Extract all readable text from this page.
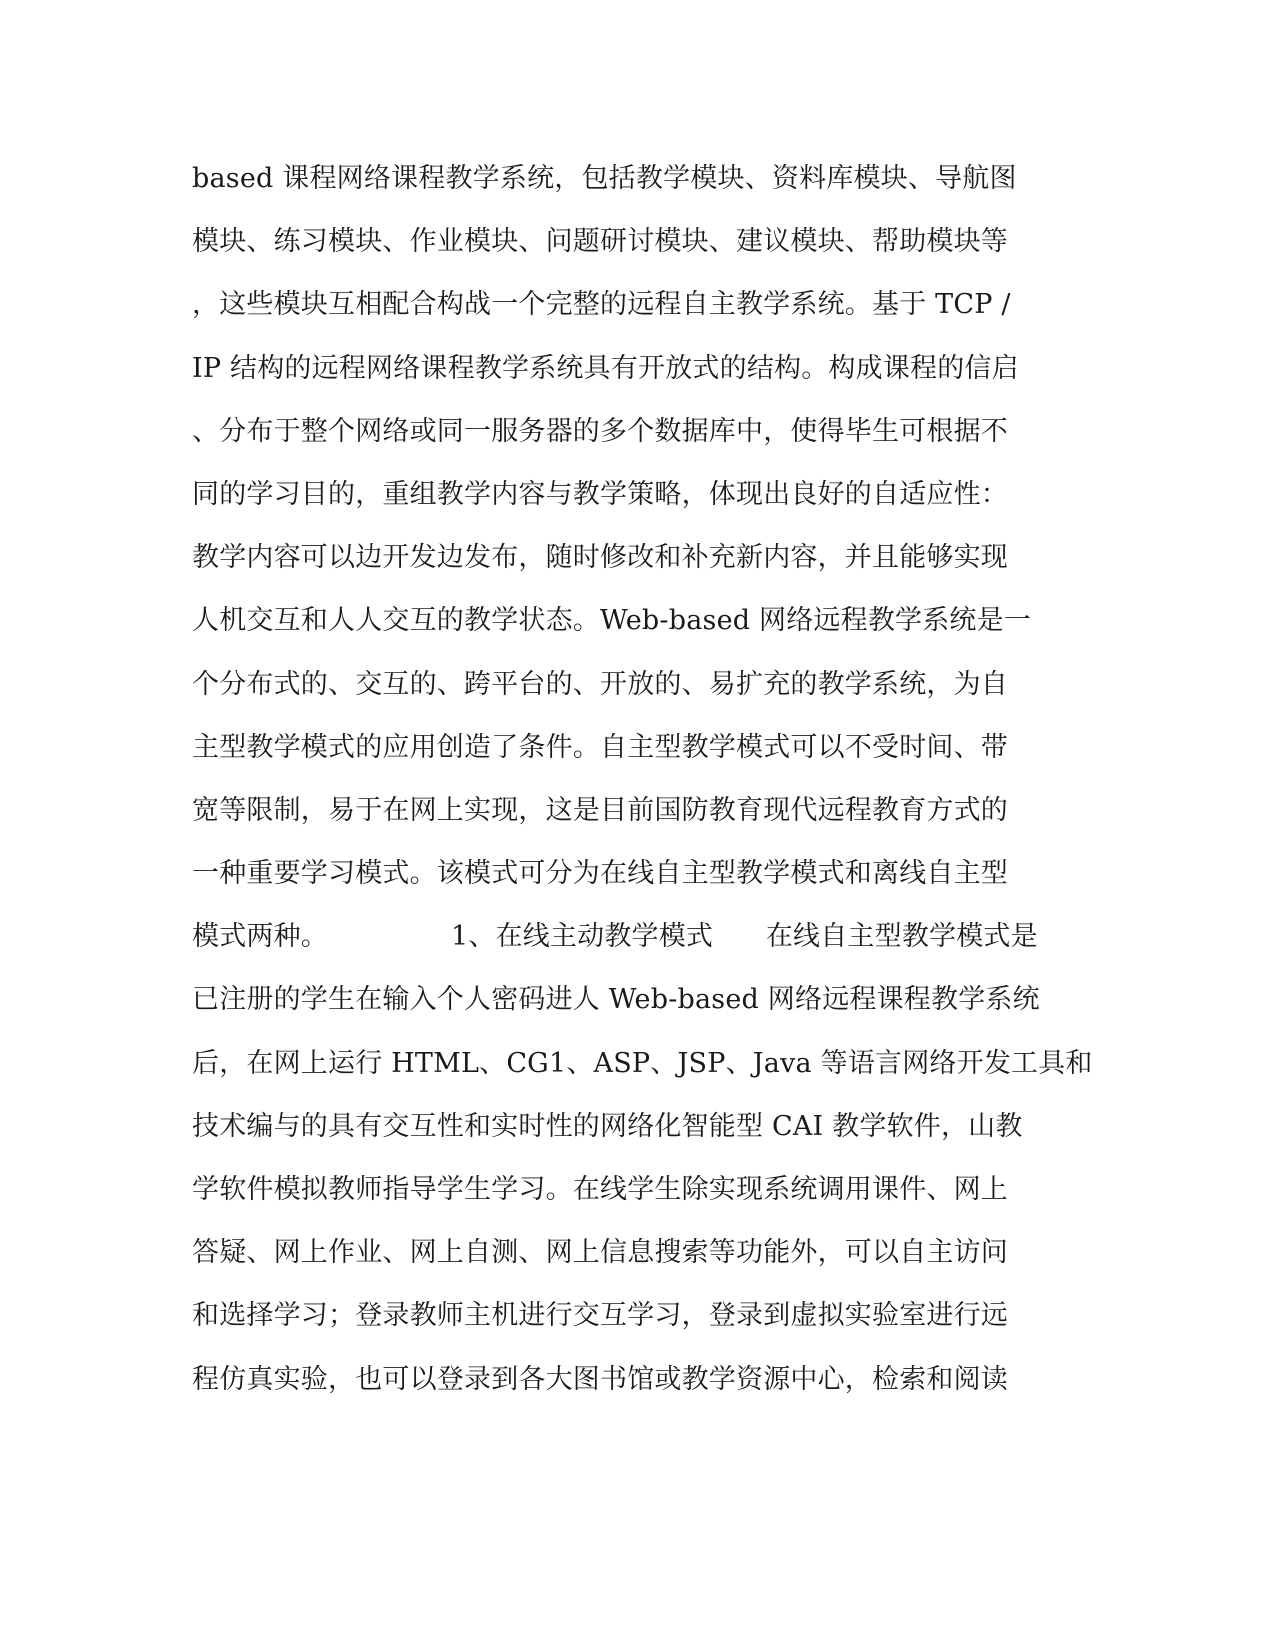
based 课程网络课程教学系统，包括教学模块、资料库模块、导航图
模块、练习模块、作业模块、问题研讨模块、建议模块、帮助模块等
，这些模块互相配合构战一个完整的远程自主教学系统。基于 TCP /
IP 结构的远程网络课程教学系统具有开放式的结构。构成课程的信启
、分布于整个网络或同一服务器的多个数据库中，使得毕生可根据不
同的学习目的，重组教学内容与教学策略，体现出良好的自适应性：
教学内容可以边开发边发布，随时修改和补充新内容，并且能够实现
人机交互和人人交互的教学状态。Web-based 网络远程教学系统是一
个分布式的、交互的、跨平台的、开放的、易扩充的教学系统，为自
主型教学模式的应用创造了条件。自主型教学模式可以不受时间、带
宽等限制，易于在网上实现，这是目前国防教育现代远程教育方式的
一种重要学习模式。该模式可分为在线自主型教学模式和离线自主型
模式两种。              1、在线主动教学模式      在线自主型教学模式是
已注册的学生在输入个人密码进人 Web-based 网络远程课程教学系统
后，在网上运行 HTML、CG1、ASP、JSP、Java 等语言网络开发工具和
技术编与的具有交互性和实时性的网络化智能型 CAI 教学软件，山教
学软件模拟教师指导学生学习。在线学生除实现系统调用课件、网上
答疑、网上作业、网上自测、网上信息搜索等功能外，可以自主访问
和选择学习；登录教师主机进行交互学习，登录到虚拟实验室进行远
程仿真实验，也可以登录到各大图书馆或教学资源中心，检索和阅读
